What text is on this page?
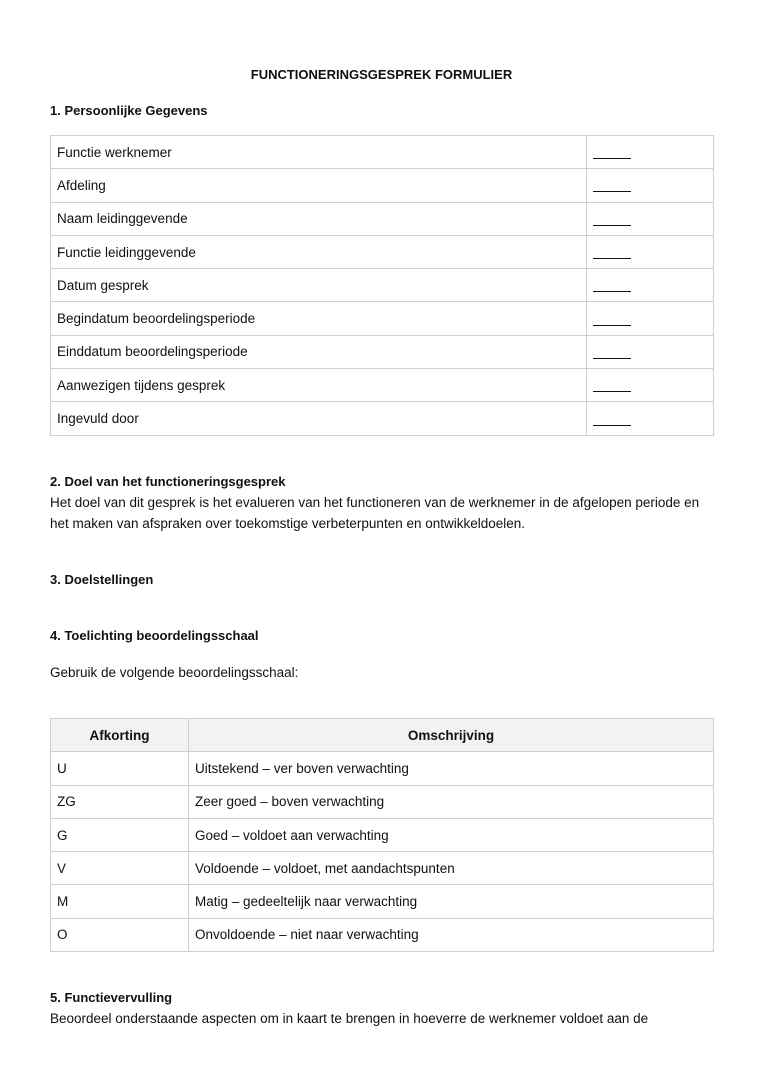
FUNCTIONERINGSGESPREK FORMULIER
1. Persoonlijke Gegevens
Functie werknemer	
Afdeling	
Naam leidinggevende	
Functie leidinggevende	
Datum gesprek	
Begindatum beoordelingsperiode	
Einddatum beoordelingsperiode	
Aanwezigen tijdens gesprek	
Ingevuld door	
2. Doel van het functioneringsgesprek
Het doel van dit gesprek is het evalueren van het functioneren van de werknemer in de afgelopen periode en het maken van afspraken over toekomstige verbeterpunten en ontwikkeldoelen.
3. Doelstellingen
4. Toelichting beoordelingsschaal
Gebruik de volgende beoordelingsschaal:
Afkorting	Omschrijving
U	Uitstekend – ver boven verwachting
ZG	Zeer goed – boven verwachting
G	Goed – voldoet aan verwachting
V	Voldoende – voldoet, met aandachtspunten
M	Matig – gedeeltelijk naar verwachting
O	Onvoldoende – niet naar verwachting
5. Functievervulling
Beoordeel onderstaande aspecten om in kaart te brengen in hoeverre de werknemer voldoet aan de
